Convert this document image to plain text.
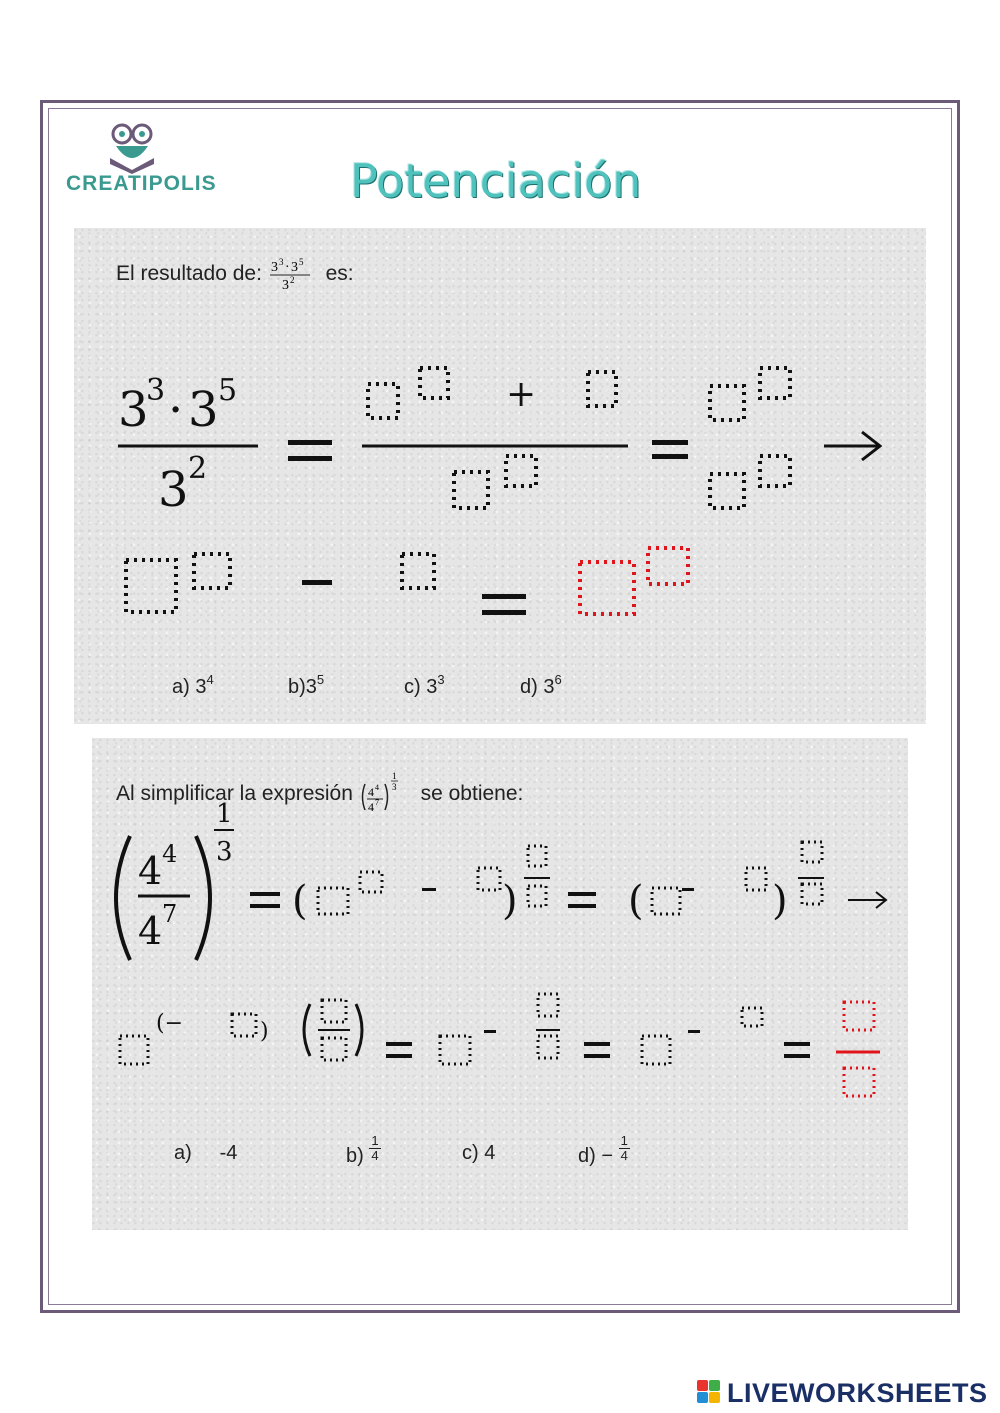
CREATIPOLIS	Potenciación
El resultado de: 3 3 · 3 5
3 2 es:
3
3 · 3 5
3 2
+
a) $3^4$	$b)3^5$	c) $3^3$	d) $3^6$
Al simplificar la expresión 4 4
4 7
1
3 se obtiene:
4 4
4 7
1
3
(	)	(	)
(−	)
a) -4	$b) \frac{1}{4}$	c) 4	$d) - \frac{1}{4}$
LIVEWORKSHEETS
